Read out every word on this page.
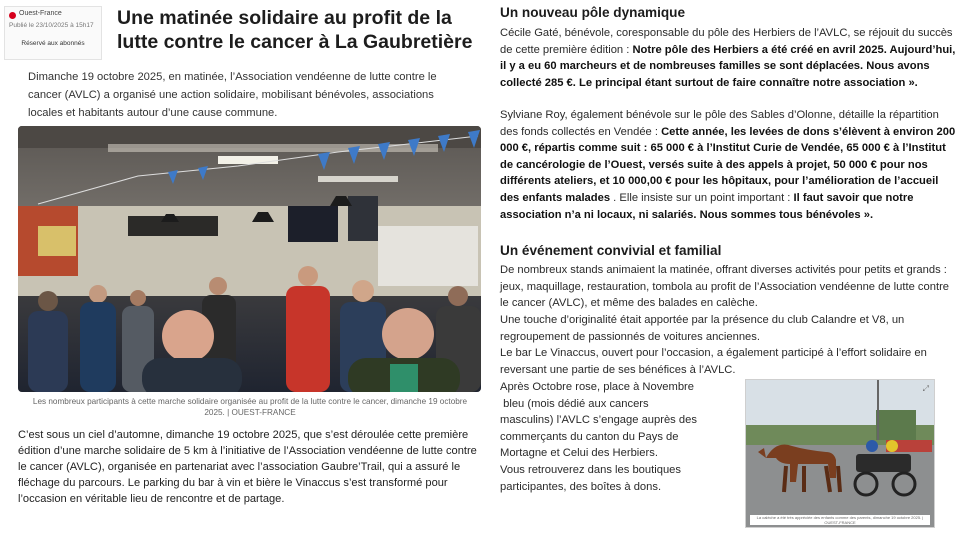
Ouest-France
Publié le 23/10/2025 à 15h17
Réservé aux abonnés
Une matinée solidaire au profit de la lutte contre le cancer à La Gaubretière

Dimanche 19 octobre 2025, en matinée, l’Association vendéenne de lutte contre le cancer (AVLC) a organisé une action solidaire, mobilisant bénévoles, associations locales et habitants autour d’une cause commune.

Les nombreux participants à cette marche solidaire organisée au profit de la lutte contre le cancer, dimanche 19 octobre 2025. | OUEST-FRANCE

C’est sous un ciel d’automne, dimanche 19 octobre 2025, que s’est déroulée cette première édition d’une marche solidaire de 5 km à l’initiative de l’Association vendéenne de lutte contre le cancer (AVLC), organisée en partenariat avec l’association Gaubre’Trail, qui a assuré le fléchage du parcours. Le parking du bar à vin et bière le Vinaccus s’est transformé pour l’occasion en véritable lieu de rencontre et de partage.

Un nouveau pôle dynamique

Cécile Gaté, bénévole, coresponsable du pôle des Herbiers de l’AVLC, se réjouit du succès de cette première édition : Notre pôle des Herbiers a été créé en avril 2025. Aujourd’hui, il y a eu 60 marcheurs et de nombreuses familles se sont déplacées. Nous avons collecté 285 €. Le principal étant surtout de faire connaître notre association ».

Sylviane Roy, également bénévole sur le pôle des Sables d’Olonne, détaille la répartition des fonds collectés en Vendée : Cette année, les levées de dons s’élèvent à environ 200 000 €, répartis comme suit : 65 000 € à l’Institut Curie de Vendée, 65 000 € à l’Institut de cancérologie de l’Ouest, versés suite à des appels à projet, 50 000 € pour nos différents ateliers, et 10 000,00 € pour les hôpitaux, pour l’amélioration de l’accueil des enfants malades . Elle insiste sur un point important : Il faut savoir que notre association n’a ni locaux, ni salariés. Nous sommes tous bénévoles ».

Un événement convivial et familial

De nombreux stands animaient la matinée, offrant diverses activités pour petits et grands : jeux, maquillage, restauration, tombola au profit de l’Association vendéenne de lutte contre le cancer (AVLC), et même des balades en calèche.

Une touche d’originalité était apportée par la présence du club Calandre et V8, un regroupement de passionnés de voitures anciennes.

Le bar Le Vinaccus, ouvert pour l’occasion, a également participé à l’effort solidaire en reversant une partie de ses bénéfices à l’AVLC.

Après Octobre rose, place à Novembre
bleu (mois dédié aux cancers
masculins) l’AVLC s’engage auprès des
commerçants du canton du Pays de
Mortagne et Celui des Herbiers.
Vous retrouverez dans les boutiques
participantes, des boîtes à dons.
⤢
La calèche a été très appréciée des enfants comme des parents, dimanche 19 octobre 2025. | OUEST-FRANCE
